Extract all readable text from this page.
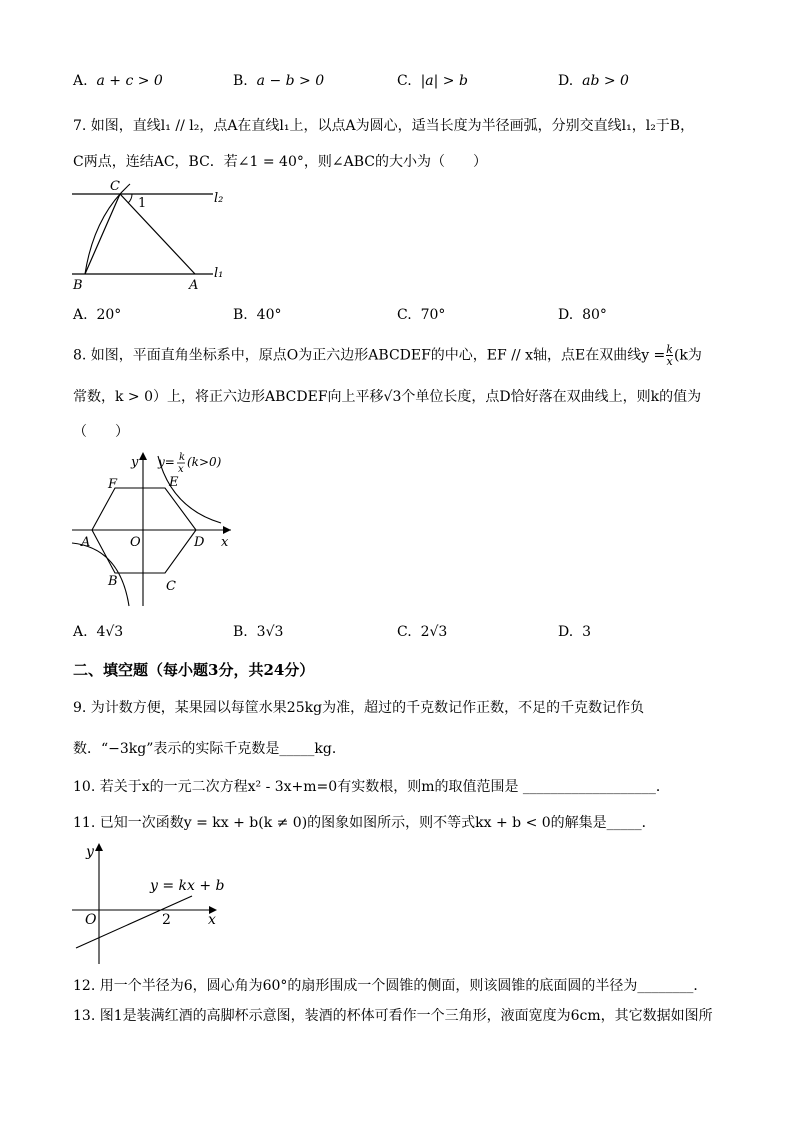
A. a + c > 0	B. a − b > 0	C. |a| > b	D. ab > 0
7. 如图，直线l₁ // l₂，点A在直线l₁上，以点A为圆心，适当长度为半径画弧，分别交直线l₁，l₂于B，
C两点，连结AC，BC．若∠1 = 40°，则∠ABC的大小为（　　）
C
1	l₂
l₁
B	A
A. 20°	B. 40°	C. 70°	D. 80°
8. 如图，平面直角坐标系中，原点O为正六边形ABCDEF的中心，EF // x轴，点E在双曲线$y = \frac{k}{x} (k$为
常数，k > 0）上，将正六边形ABCDEF向上平移√3个单位长度，点D恰好落在双曲线上，则k的值为
（　　）
y y= k
x
(k>0)
F	E
A	O	D x
B	C
A. 4√3	B. 3√3	C. 2√3	D. 3
二、填空题（每小题3分，共24分）
9. 为计数方便，某果园以每筐水果25kg为准，超过的千克数记作正数，不足的千克数记作负
数．“−3kg”表示的实际千克数是_____kg．
10. 若关于x的一元二次方程x² - 3x+m=0有实数根，则m的取值范围是 ___________________．
11. 已知一次函数y = kx + b(k ≠ 0)的图象如图所示，则不等式kx + b < 0的解集是_____．
y
y = kx + b
O	2	x
12. 用一个半径为6，圆心角为60°的扇形围成一个圆锥的侧面，则该圆锥的底面圆的半径为________．
13. 图1是装满红酒的高脚杯示意图，装酒的杯体可看作一个三角形，液面宽度为6cm，其它数据如图所
